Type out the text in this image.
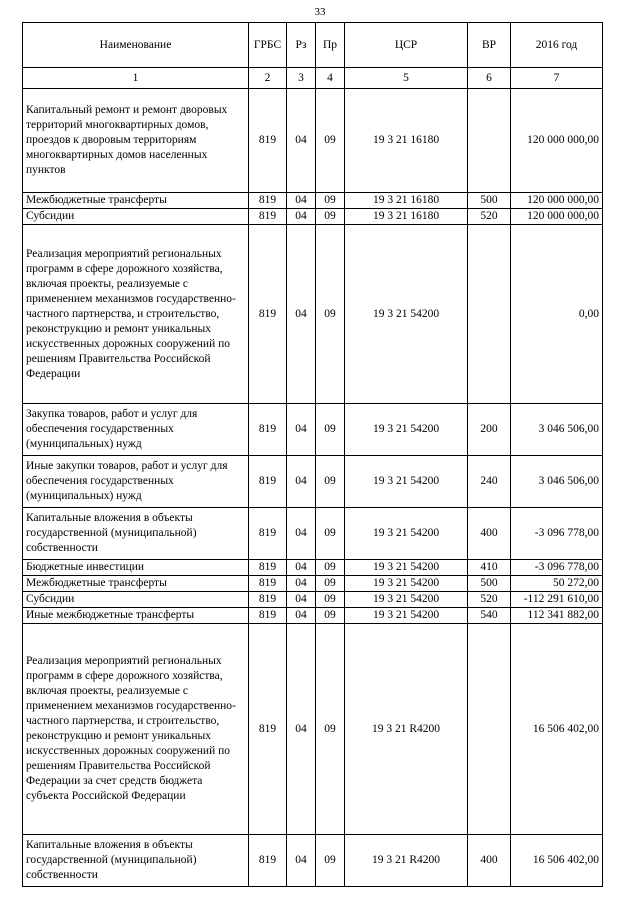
33
Наименование	ГРБС	Рз	Пр	ЦСР	ВР	2016 год
1	2	3	4	5	6	7
Капитальный ремонт и ремонт дворовых территорий многоквартирных домов, проездов к дворовым территориям многоквартирных домов населенных пунктов	819	04	09	19 3 21 16180		120 000 000,00
Межбюджетные трансферты	819	04	09	19 3 21 16180	500	120 000 000,00
Субсидии	819	04	09	19 3 21 16180	520	120 000 000,00
Реализация мероприятий региональных программ в сфере дорожного хозяйства, включая проекты, реализуемые с применением механизмов государственно-частного партнерства, и строительство, реконструкцию и ремонт уникальных искусственных дорожных сооружений по решениям Правительства Российской Федерации	819	04	09	19 3 21 54200		0,00
Закупка товаров, работ и услуг для обеспечения государственных (муниципальных) нужд	819	04	09	19 3 21 54200	200	3 046 506,00
Иные закупки товаров, работ и услуг для обеспечения государственных (муниципальных) нужд	819	04	09	19 3 21 54200	240	3 046 506,00
Капитальные вложения в объекты государственной (муниципальной) собственности	819	04	09	19 3 21 54200	400	-3 096 778,00
Бюджетные инвестиции	819	04	09	19 3 21 54200	410	-3 096 778,00
Межбюджетные трансферты	819	04	09	19 3 21 54200	500	50 272,00
Субсидии	819	04	09	19 3 21 54200	520	-112 291 610,00
Иные межбюджетные трансферты	819	04	09	19 3 21 54200	540	112 341 882,00
Реализация мероприятий региональных программ в сфере дорожного хозяйства, включая проекты, реализуемые с применением механизмов государственно-частного партнерства, и строительство, реконструкцию и ремонт уникальных искусственных дорожных сооружений по решениям Правительства Российской Федерации за счет средств бюджета субъекта Российской Федерации	819	04	09	19 3 21 R4200		16 506 402,00
Капитальные вложения в объекты государственной (муниципальной) собственности	819	04	09	19 3 21 R4200	400	16 506 402,00
